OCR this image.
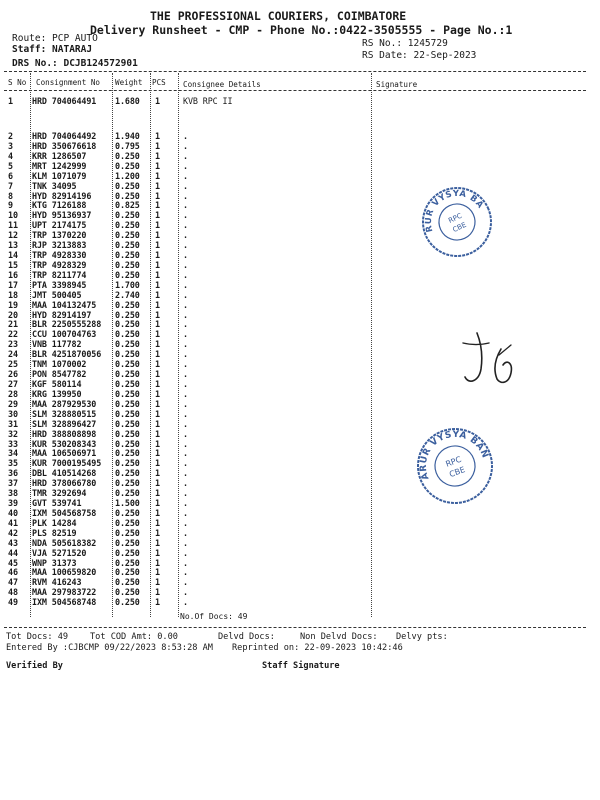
THE PROFESSIONAL COURIERS, COIMBATORE
Delivery Runsheet - CMP - Phone No.:0422-3505555 - Page No.:1
Route: PCP AUTO
Staff: NATARAJ
RS No.: 1245729
DRS No.: DCJB124572901
RS Date: 22-Sep-2023
S No Consignment No Weight PCS Consignee Details	Signature
1 HRD 704064491 1.680 1	KVB RPC II
2 HRD 704064492 1.940 1	.
3 HRD 350676618 0.795 1	.
4 KRR 1286507	0.250 1	.
5 MRT 1242999	0.250 1	.
6 KLM 1071079	1.200 1	.
7 TNK 34095	0.250 1	.
8 HYD 82914196	0.250 1	.
9 KTG 7126188	0.825 1	.
10 HYD 95136937	0.250 1	.
11 UPT 2174175	0.250 1	.
12 TRP 1370220	0.250 1	.
13 RJP 3213883	0.250 1	.
14 TRP 4928330	0.250 1	.
15 TRP 4928329	0.250 1	.
16 TRP 8211774	0.250 1	.
17 PTA 3398945	1.700 1	.
18 JMT 500405	2.740 1	.
19 MAA 104132475 0.250 1	.
20 HYD 82914197	0.250 1	.
21 BLR 2250555288 0.250 1	.
22 CCU 100704763 0.250 1	.
23 VNB 117782	0.250 1	.
24 BLR 4251870056 0.250 1	.
25 TNM 1070002	0.250 1	.
26 PON 8547782	0.250 1	.
27 KGF 580114	0.250 1	.
28 KRG 139950	0.250 1	.
29 MAA 287929530 0.250 1	.
30 SLM 328880515 0.250 1	.
31 SLM 328896427 0.250 1	.
32 HRD 388808898 0.250 1	.
33 KUR 530208343 0.250 1	.
34 MAA 106506971 0.250 1	.
35 KUR 7000195495 0.250 1	.
36 DBL 410514268 0.250 1	.
37 HRD 378066780 0.250 1	.
38 TMR 3292694	0.250 1	.
39 GVT 539741	1.500 1	.
40 IXM 504568758 0.250 1	.
41 PLK 14284	0.250 1	.
42 PLS 82519	0.250 1	.
43 NDA 505618382 0.250 1	.
44 VJA 5271520	0.250 1	.
45 WNP 31373	0.250 1	.
46 MAA 100659820 0.250 1	.
47 RVM 416243	0.250 1	.
48 MAA 297983722 0.250 1	.
49 IXM 504568748 0.250 1	.
No.Of Docs: 49
Tot Docs: 49	Tot COD Amt: 0.00	Delvd Docs:	Non Delvd Docs: Delvy pts:
Entered By :CJBCMP 09/22/2023 8:53:28 AM Reprinted on: 22-09-2023 10:42:46
Verified By	Staff Signature
KARUR VYSYA BANK
RPC
CBE
KARUR VYSYA BANK
RPC
CBE
